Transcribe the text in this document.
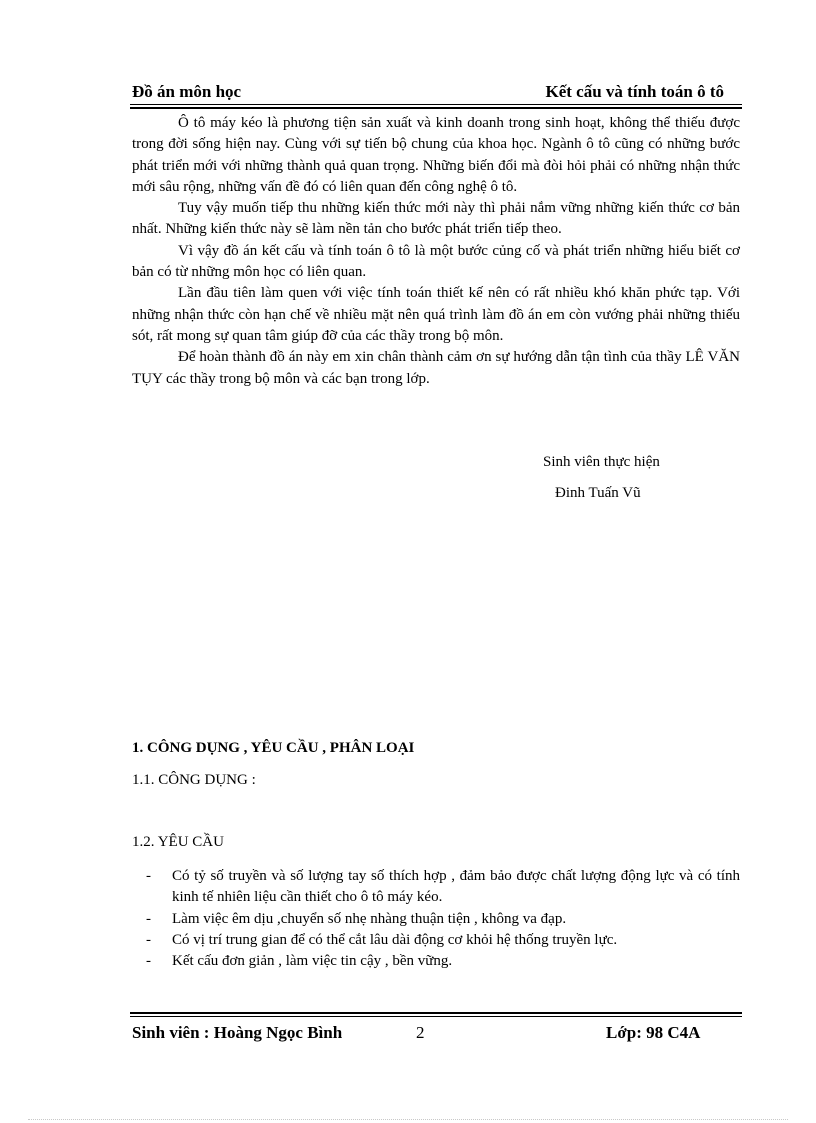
Đồ án môn học	Kết cấu và tính toán ô tô

Ô tô máy kéo là phương tiện sản xuất và kinh doanh trong sinh hoạt, không thể thiếu được trong đời sống hiện nay. Cùng với sự tiến bộ chung của khoa học. Ngành ô tô cũng có những bước phát triển mới với những thành quả quan trọng. Những biến đổi mà đòi hỏi phải có những nhận thức mới sâu rộng, những vấn đề đó có liên quan đến công nghệ ô tô.

Tuy vậy muốn tiếp thu những kiến thức mới này thì phải nắm vững những kiến thức cơ bản nhất. Những kiến thức này sẽ làm nền tản cho bước phát triển tiếp theo.

Vì vậy đồ án kết cấu và tính toán ô tô là một bước củng cố và phát triển những hiểu biết cơ bản có từ những môn học có liên quan.

Lần đầu tiên làm quen với việc tính toán thiết kế nên có rất nhiều khó khăn phức tạp. Với những nhận thức còn hạn chế về nhiều mặt nên quá trình làm đồ án em còn vướng phải những thiếu sót, rất mong sự quan tâm giúp đỡ của các thầy trong bộ môn.

Để hoàn thành đồ án này em xin chân thành cảm ơn sự hướng dẫn tận tình của thầy LÊ VĂN TỤY các thầy trong bộ môn và các bạn trong lớp.

Sinh viên thực hiện
Đinh Tuấn Vũ
1. CÔNG DỤNG , YÊU CẦU , PHÂN LOẠI
1.1. CÔNG DỤNG :
1.2. YÊU CẦU
- Có tỷ số truyền và số lượng tay số thích hợp , đảm bảo được chất lượng động lực và có tính kinh tế nhiên liệu cần thiết cho ô tô máy kéo.
- Làm việc êm dịu ,chuyển số nhẹ nhàng thuận tiện , không va đạp.
- Có vị trí trung gian để có thể cắt lâu dài động cơ khỏi hệ thống truyền lực.
- Kết cấu đơn giản , làm việc tin cậy , bền vững.
Sinh viên : Hoàng Ngọc Bình	2	Lớp: 98 C4A
